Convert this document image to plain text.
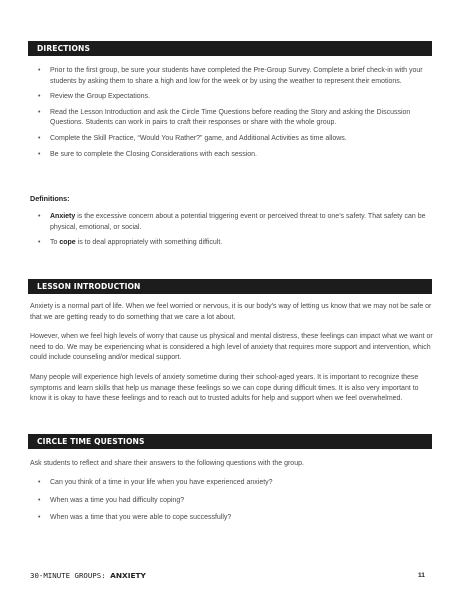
DIRECTIONS
• Prior to the first group, be sure your students have completed the Pre-Group Survey. Complete a brief check-in with your students by asking them to share a high and low for the week or by using the weather to represent their emotions.
• Review the Group Expectations.
• Read the Lesson Introduction and ask the Circle Time Questions before reading the Story and asking the Discussion Questions. Students can work in pairs to craft their responses or share with the whole group.
• Complete the Skill Practice, “Would You Rather?” game, and Additional Activities as time allows.
• Be sure to complete the Closing Considerations with each session.
Definitions:
• Anxiety is the excessive concern about a potential triggering event or perceived threat to one’s safety. That safety can be physical, emotional, or social.
• To cope is to deal appropriately with something difficult.
LESSON INTRODUCTION

Anxiety is a normal part of life. When we feel worried or nervous, it is our body’s way of letting us know that we may not be safe or that we are getting ready to do something that we care a lot about.

However, when we feel high levels of worry that cause us physical and mental distress, these feelings can impact what we want or need to do. We may be experiencing what is considered a high level of anxiety that requires more support and intervention, which could include counseling and/or medical support.

Many people will experience high levels of anxiety sometime during their school-aged years. It is important to recognize these symptoms and learn skills that help us manage these feelings so we can cope during difficult times. It is also very important to know it is okay to have these feelings and to reach out to trusted adults for help and support when we feel overwhelmed.

CIRCLE TIME QUESTIONS

Ask students to reflect and share their answers to the following questions with the group.

• Can you think of a time in your life when you have experienced anxiety?
• When was a time you had difficulty coping?
• When was a time that you were able to cope successfully?
30-MINUTE GROUPS: ANXIETY	11
